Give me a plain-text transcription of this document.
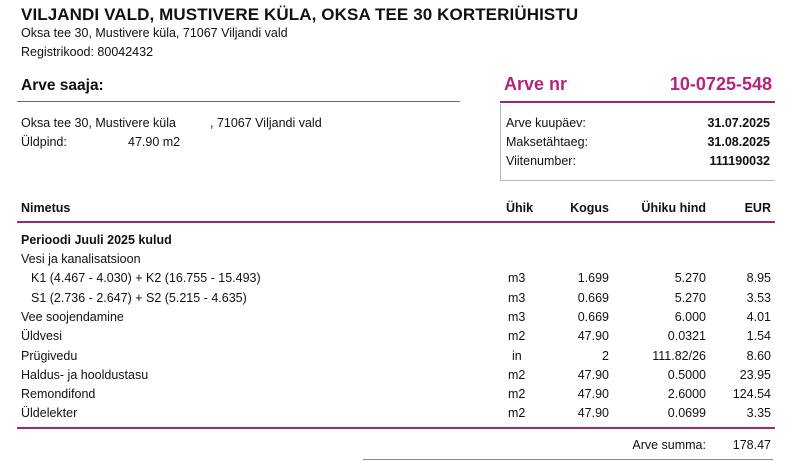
VILJANDI VALD, MUSTIVERE KÜLA, OKSA TEE 30 KORTERIÜHISTU
Oksa tee 30, Mustivere küla, 71067 Viljandi vald
Registrikood: 80042432
Arve saaja:
Oksa tee 30, Mustivere küla	, 71067 Viljandi vald
Üldpind:	47.90 m2
Arve nr	10-0725-548
Arve kuupäev:	31.07.2025
Maksetähtaeg:	31.08.2025
Viitenumber:	111190032
Nimetus	Ühik	Kogus	Ühiku hind	EUR
Perioodi Juuli 2025 kulud
Vesi ja kanalisatsioon
K1 (4.467 - 4.030) + K2 (16.755 - 15.493)	m3	1.699	5.270	8.95
S1 (2.736 - 2.647) + S2 (5.215 - 4.635)	m3	0.669	5.270	3.53
Vee soojendamine	m3	0.669	6.000	4.01
Üldvesi	m2	47.90	0.0321	1.54
Prügivedu	in	2	111.82/26	8.60
Haldus- ja hooldustasu	m2	47.90	0.5000	23.95
Remondifond	m2	47.90	2.6000	124.54
Üldelekter	m2	47.90	0.0699	3.35
Arve summa:	178.47
